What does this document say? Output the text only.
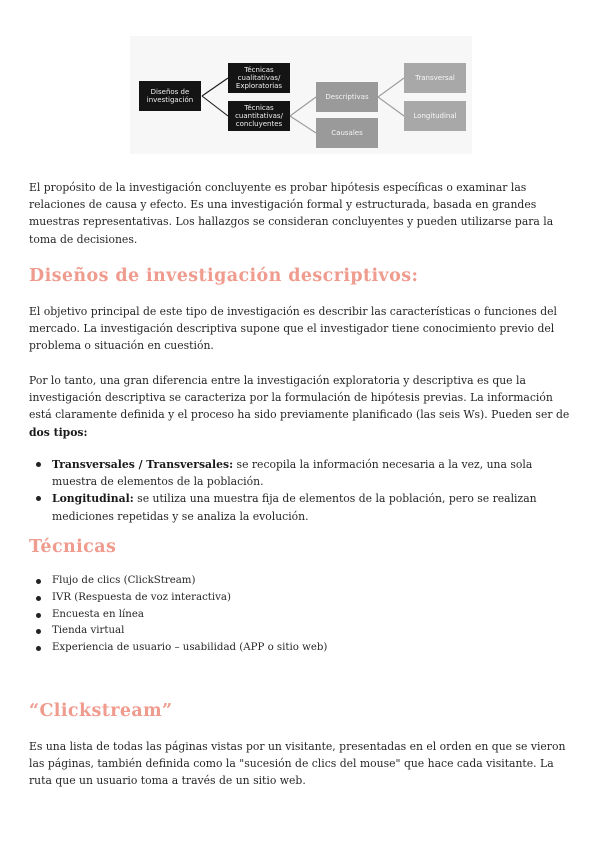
Diseños de investigación
Técnicas cualitativas/ Exploratorias
Técnicas cuantitativas/ concluyentes
Descriptivas
Causales
Transversal
Longitudinal

El propósito de la investigación concluyente es probar hipótesis específicas o examinar las relaciones de causa y efecto. Es una investigación formal y estructurada, basada en grandes muestras representativas. Los hallazgos se consideran concluyentes y pueden utilizarse para la toma de decisiones.

Diseños de investigación descriptivos:

El objetivo principal de este tipo de investigación es describir las características o funciones del mercado. La investigación descriptiva supone que el investigador tiene conocimiento previo del problema o situación en cuestión.

Por lo tanto, una gran diferencia entre la investigación exploratoria y descriptiva es que la investigación descriptiva se caracteriza por la formulación de hipótesis previas. La información está claramente definida y el proceso ha sido previamente planificado (las seis Ws). Pueden ser de dos tipos:

Transversales / Transversales: se recopila la información necesaria a la vez, una sola muestra de elementos de la población.
Longitudinal: se utiliza una muestra fija de elementos de la población, pero se realizan mediciones repetidas y se analiza la evolución.
Técnicas
Flujo de clics (ClickStream)
IVR (Respuesta de voz interactiva)
Encuesta en línea
Tienda virtual
Experiencia de usuario – usabilidad (APP o sitio web)
“Clickstream”

Es una lista de todas las páginas vistas por un visitante, presentadas en el orden en que se vieron las páginas, también definida como la "sucesión de clics del mouse" que hace cada visitante. La ruta que un usuario toma a través de un sitio web.
